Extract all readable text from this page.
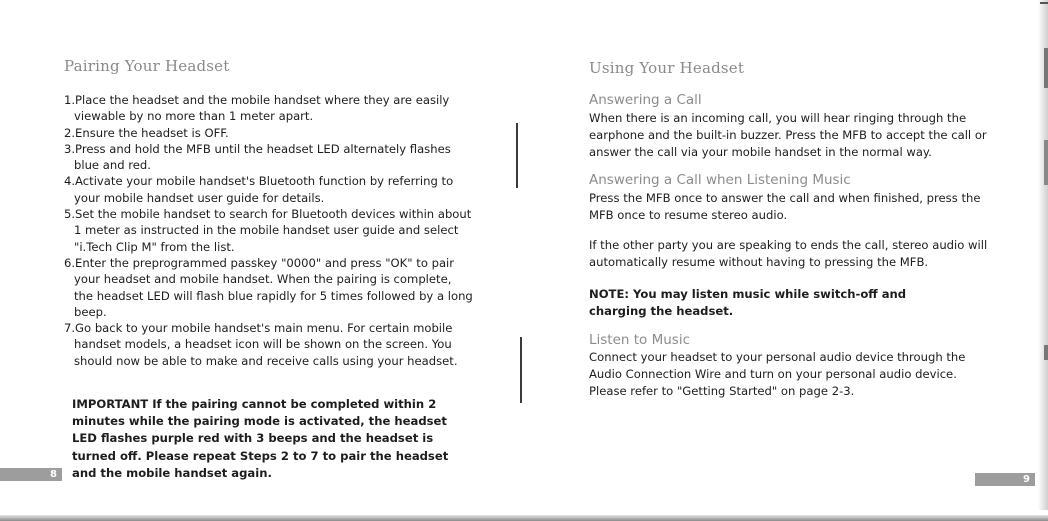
Pairing Your Headset
1.Place the headset and the mobile handset where they are easily viewable by no more than 1 meter apart.
2.Ensure the headset is OFF.
3.Press and hold the MFB until the headset LED alternately flashes blue and red.
4.Activate your mobile handset's Bluetooth function by referring to your mobile handset user guide for details.
5.Set the mobile handset to search for Bluetooth devices within about 1 meter as instructed in the mobile handset user guide and select "i.Tech Clip M" from the list.
6.Enter the preprogrammed passkey "0000" and press "OK" to pair your headset and mobile handset. When the pairing is complete, the headset LED will flash blue rapidly for 5 times followed by a long beep.
7.Go back to your mobile handset's main menu. For certain mobile handset models, a headset icon will be shown on the screen. You should now be able to make and receive calls using your headset.
IMPORTANT If the pairing cannot be completed within 2 minutes while the pairing mode is activated, the headset LED flashes purple red with 3 beeps and the headset is turned off. Please repeat Steps 2 to 7 to pair the headset and the mobile handset again.
8
Using Your Headset
Answering a Call
When there is an incoming call, you will hear ringing through the earphone and the built-in buzzer. Press the MFB to accept the call or answer the call via your mobile handset in the normal way.
Answering a Call when Listening Music
Press the MFB once to answer the call and when finished, press the MFB once to resume stereo audio.
If the other party you are speaking to ends the call, stereo audio will automatically resume without having to pressing the MFB.
NOTE: You may listen music while switch-off and charging the headset.
Listen to Music
Connect your headset to your personal audio device through the Audio Connection Wire and turn on your personal audio device. Please refer to "Getting Started" on page 2-3.
9
